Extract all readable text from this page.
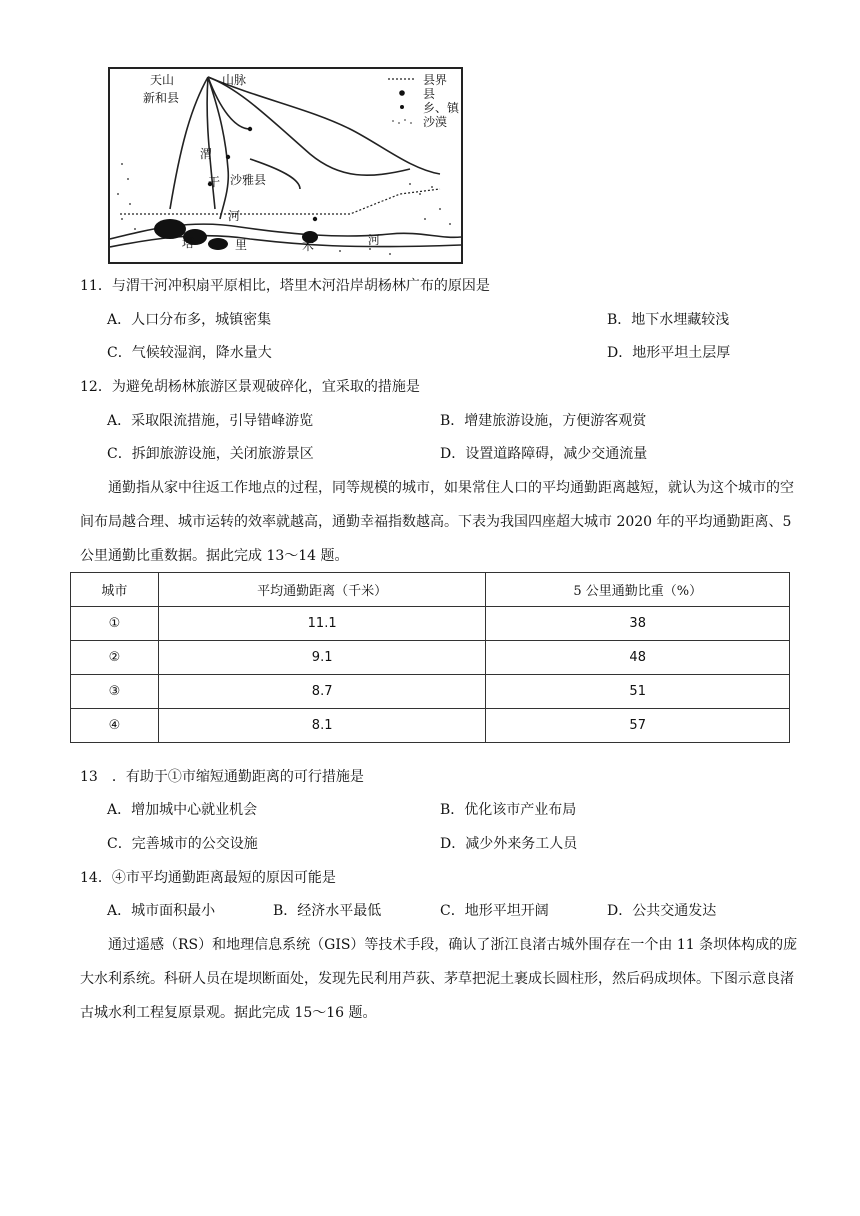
天山	山脉
新和县
渭
干 沙雅县
河
塔	里	木	河
县界
县
乡、镇
沙漠
11．与渭干河冲积扇平原相比，塔里木河沿岸胡杨林广布的原因是
A．人口分布多，城镇密集	B．地下水埋藏较浅
C．气候较湿润，降水量大	D．地形平坦土层厚
12．为避免胡杨林旅游区景观破碎化，宜采取的措施是
A．采取限流措施，引导错峰游览	B．增建旅游设施，方便游客观赏
C．拆卸旅游设施，关闭旅游景区	D．设置道路障碍，减少交通流量
通勤指从家中往返工作地点的过程，同等规模的城市，如果常住人口的平均通勤距离越短，就认为这个城市的空间布局越合理、城市运转的效率就越高，通勤幸福指数越高。下表为我国四座超大城市 2020 年的平均通勤距离、5 公里通勤比重数据。据此完成 13～14 题。
城市	平均通勤距离（千米）	5 公里通勤比重（%）
①	11.1	38
②	9.1	48
③	8.7	51
④	8.1	57
13　．有助于①市缩短通勤距离的可行措施是
A．增加城中心就业机会	B．优化该市产业布局
C．完善城市的公交设施	D．减少外来务工人员
14．④市平均通勤距离最短的原因可能是
A．城市面积最小	B．经济水平最低	C．地形平坦开阔	D．公共交通发达
通过遥感（RS）和地理信息系统（GIS）等技术手段，确认了浙江良渚古城外围存在一个由 11 条坝体构成的庞大水利系统。科研人员在堤坝断面处，发现先民利用芦荻、茅草把泥土裹成长圆柱形，然后码成坝体。下图示意良渚古城水利工程复原景观。据此完成 15～16 题。
